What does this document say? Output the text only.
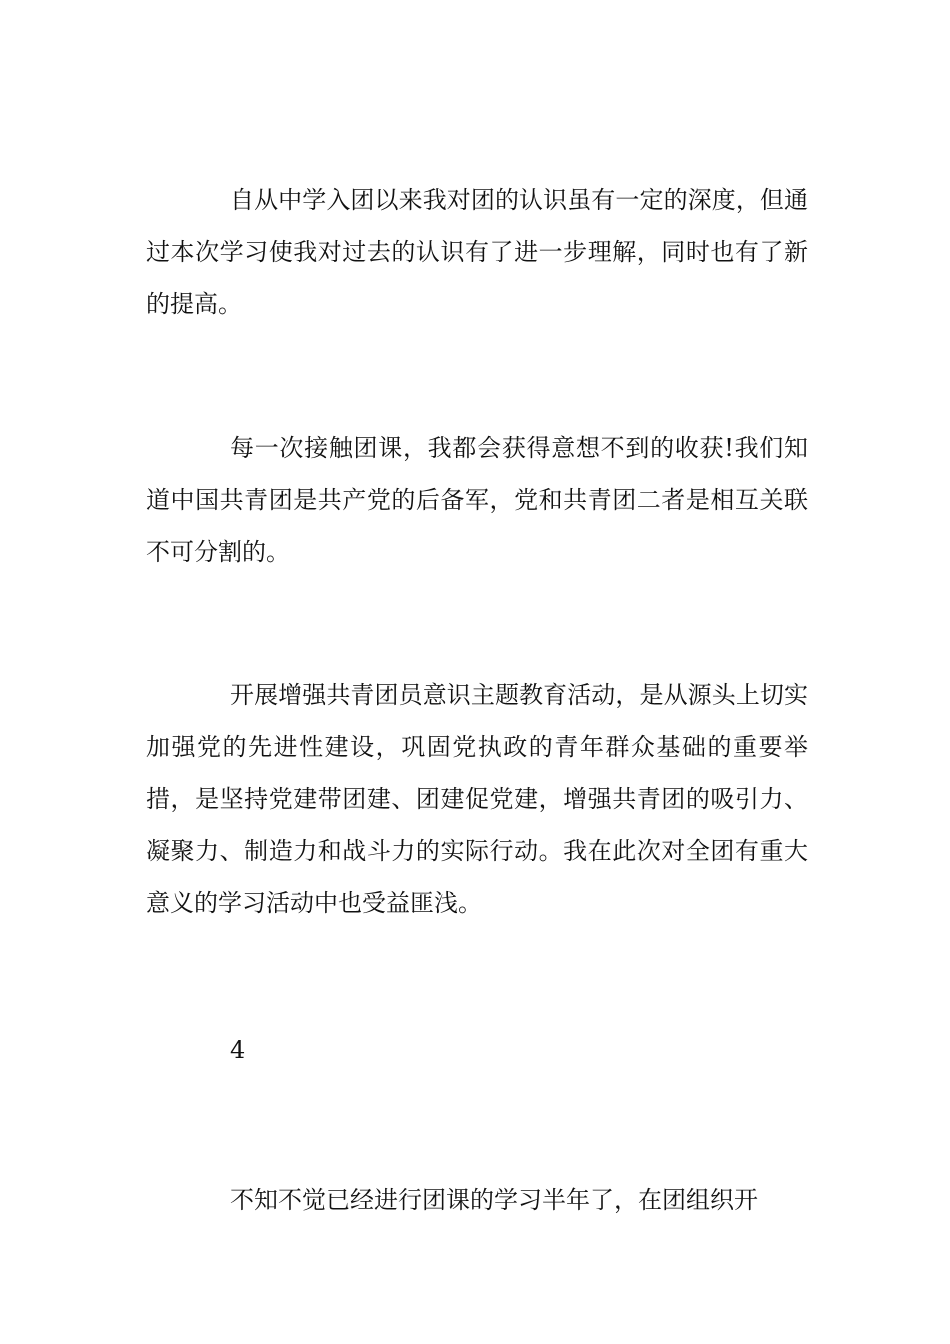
自从中学入团以来我对团的认识虽有一定的深度，但通过本次学习使我对过去的认识有了进一步理解，同时也有了新的提高。

每一次接触团课，我都会获得意想不到的收获!我们知道中国共青团是共产党的后备军，党和共青团二者是相互关联不可分割的。

开展增强共青团员意识主题教育活动，是从源头上切实加强党的先进性建设，巩固党执政的青年群众基础的重要举措，是坚持党建带团建、团建促党建，增强共青团的吸引力、凝聚力、制造力和战斗力的实际行动。我在此次对全团有重大意义的学习活动中也受益匪浅。

4

不知不觉已经进行团课的学习半年了，在团组织开
